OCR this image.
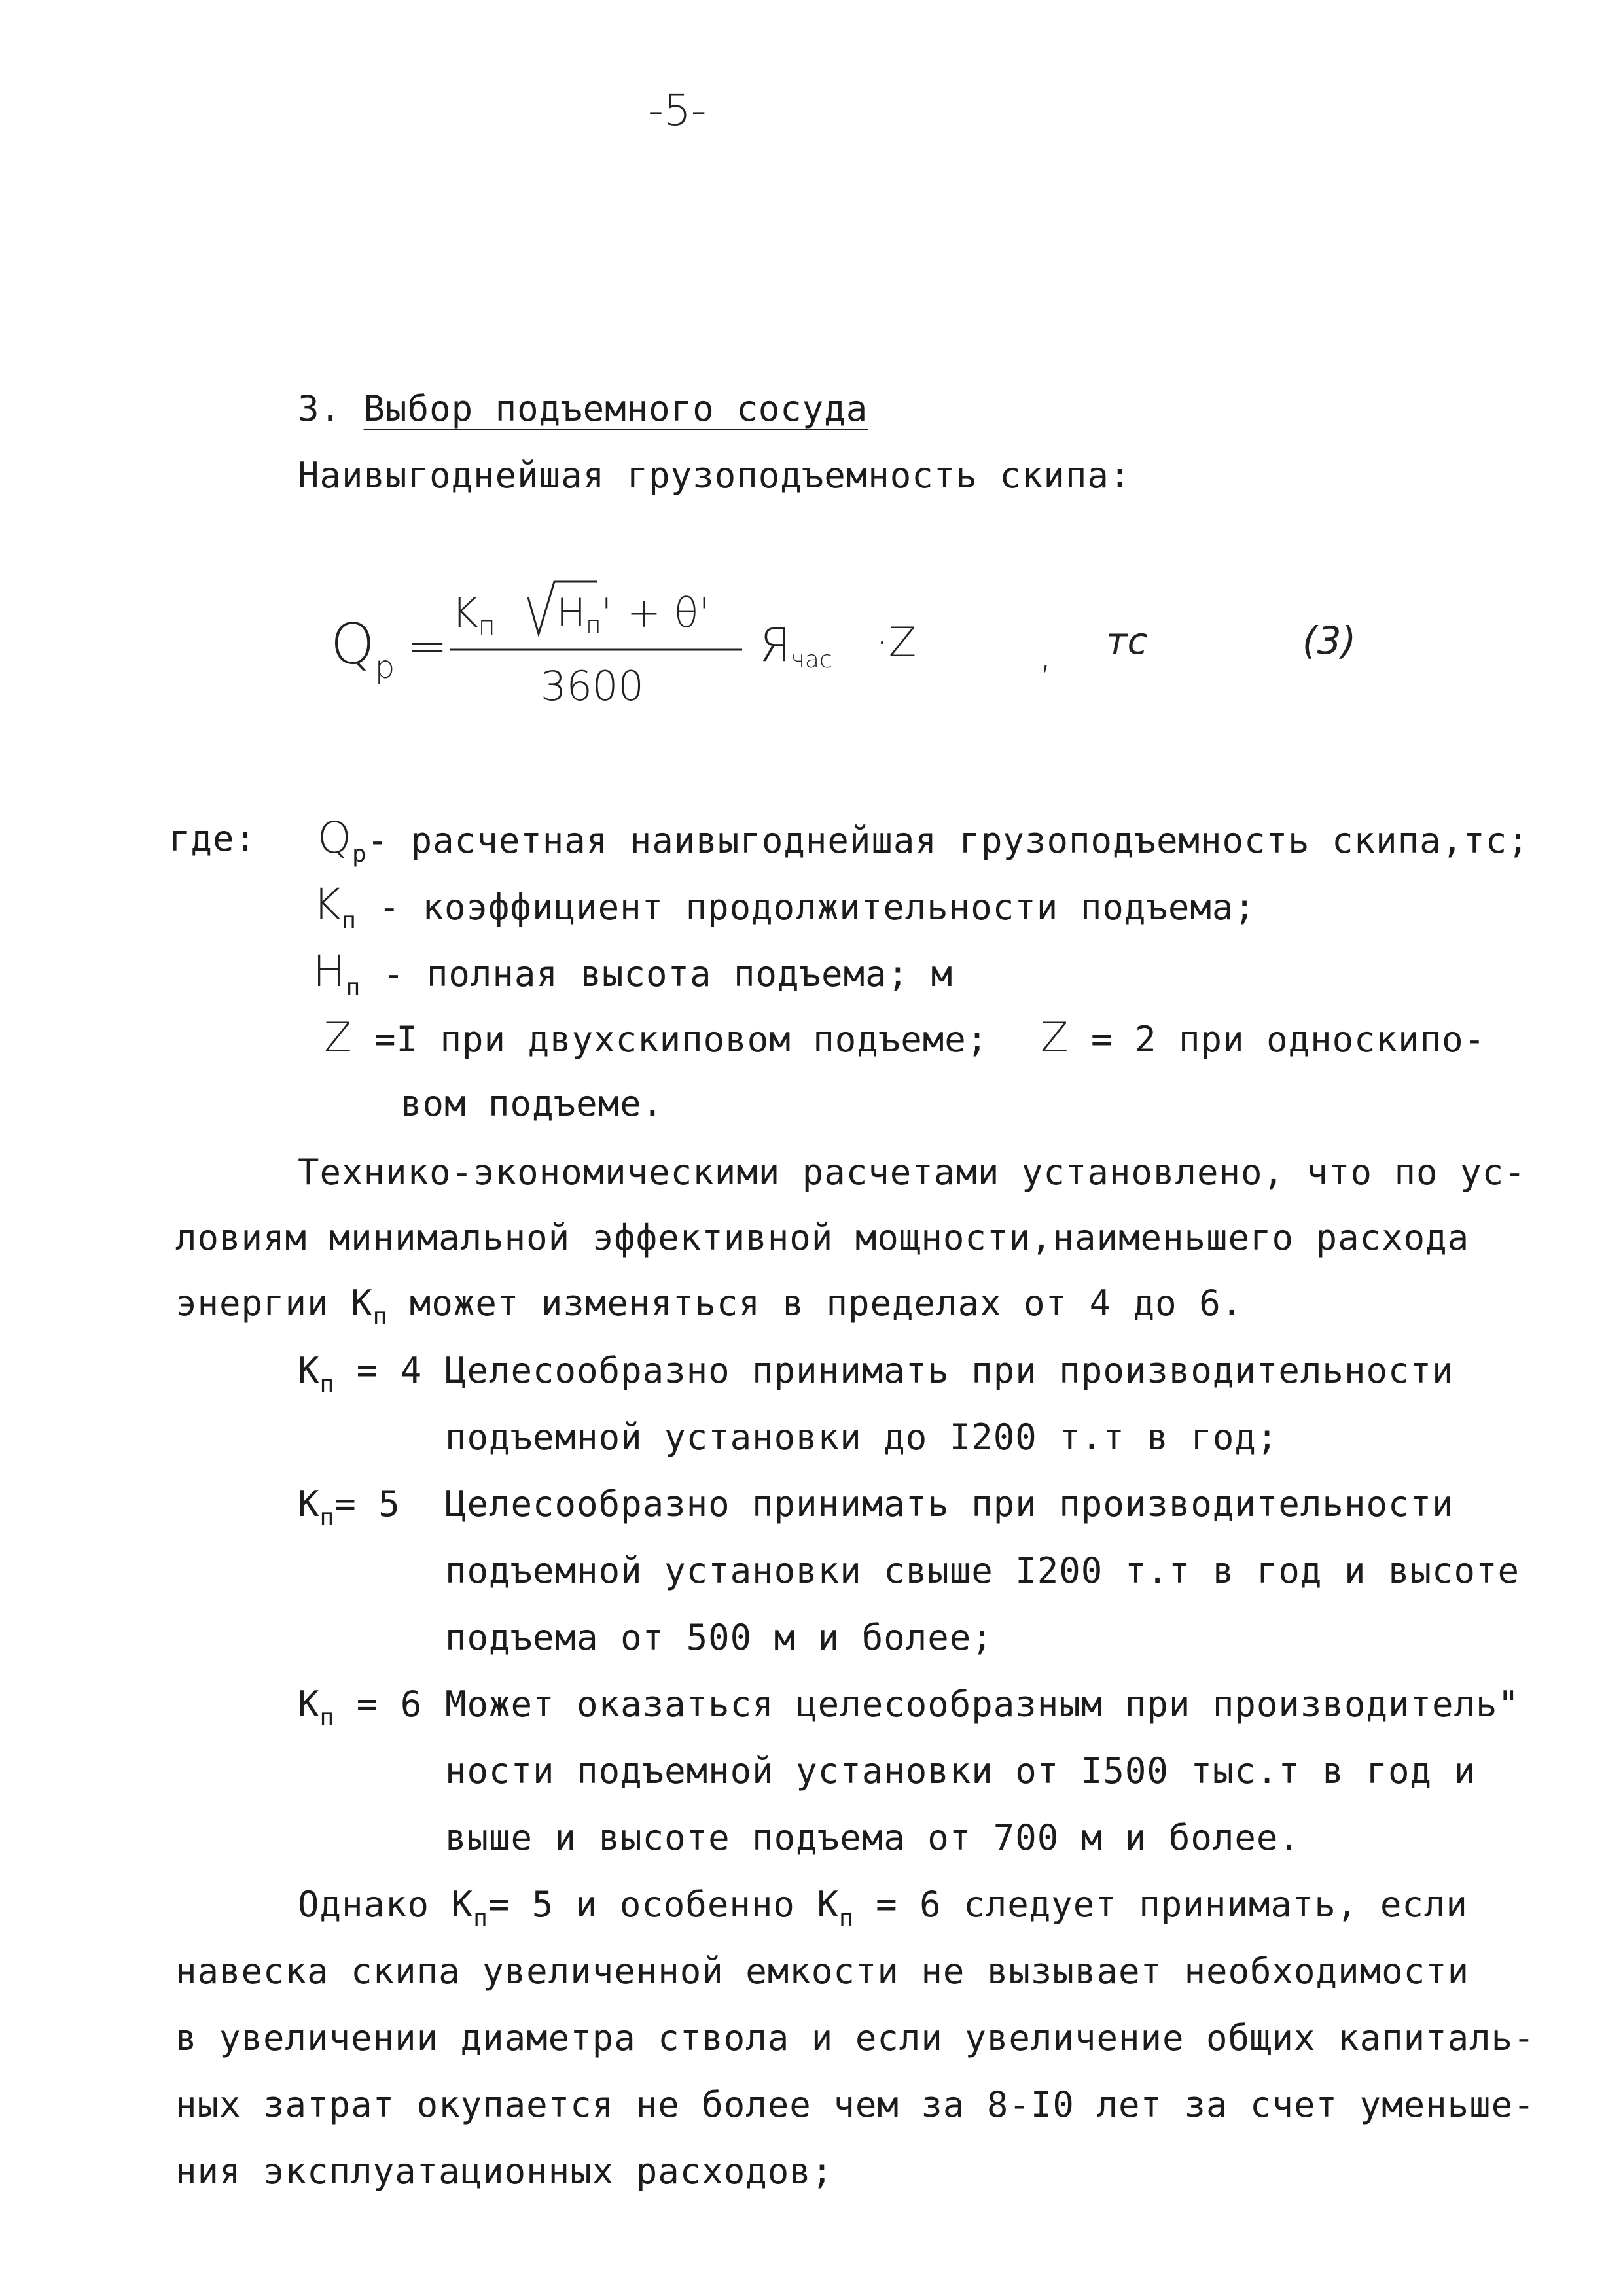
-5-
3. Выбор подъемного сосуда
Наивыгоднейшая грузоподъемность скипа:
$Q_р$ =
$K_п$ $H_п' + \theta'$
3600
$Я_{час} \cdot Z$	, тс	(3)
где: $Q_р-$ расчетная наивыгоднейшая грузоподъемность скипа,тс;
$K_п$ - коэффициент продолжительности подъема;
$H_п$ - полная высота подъема; м
Z =I при двухскиповом подъеме; Z = 2 при односкипо-
вом подъеме.
Технико-экономическими расчетами установлено, что по ус-
ловиям минимальной эффективной мощности,наименьшего расхода
энергии $К_п$ может изменяться в пределах от 4 до 6.
$К_п = 4$ Целесообразно принимать при производительности
подъемной установки до I200 т.т в год;
$К_п= 5$ Целесообразно принимать при производительности
подъемной установки свыше I200 т.т в год и высоте
подъема от 500 м и более;
$К_п = 6$ Может оказаться целесообразным при производитель"
ности подъемной установки от I500 тыс.т в год и
выше и высоте подъема от 700 м и более.
Однако $К_п= 5$ и особенно $К_п = 6$ следует принимать, если
навеска скипа увеличенной емкости не вызывает необходимости
в увеличении диаметра ствола и если увеличение общих капиталь-
ных затрат окупается не более чем за 8-I0 лет за счет уменьше-
ния эксплуатационных расходов;
